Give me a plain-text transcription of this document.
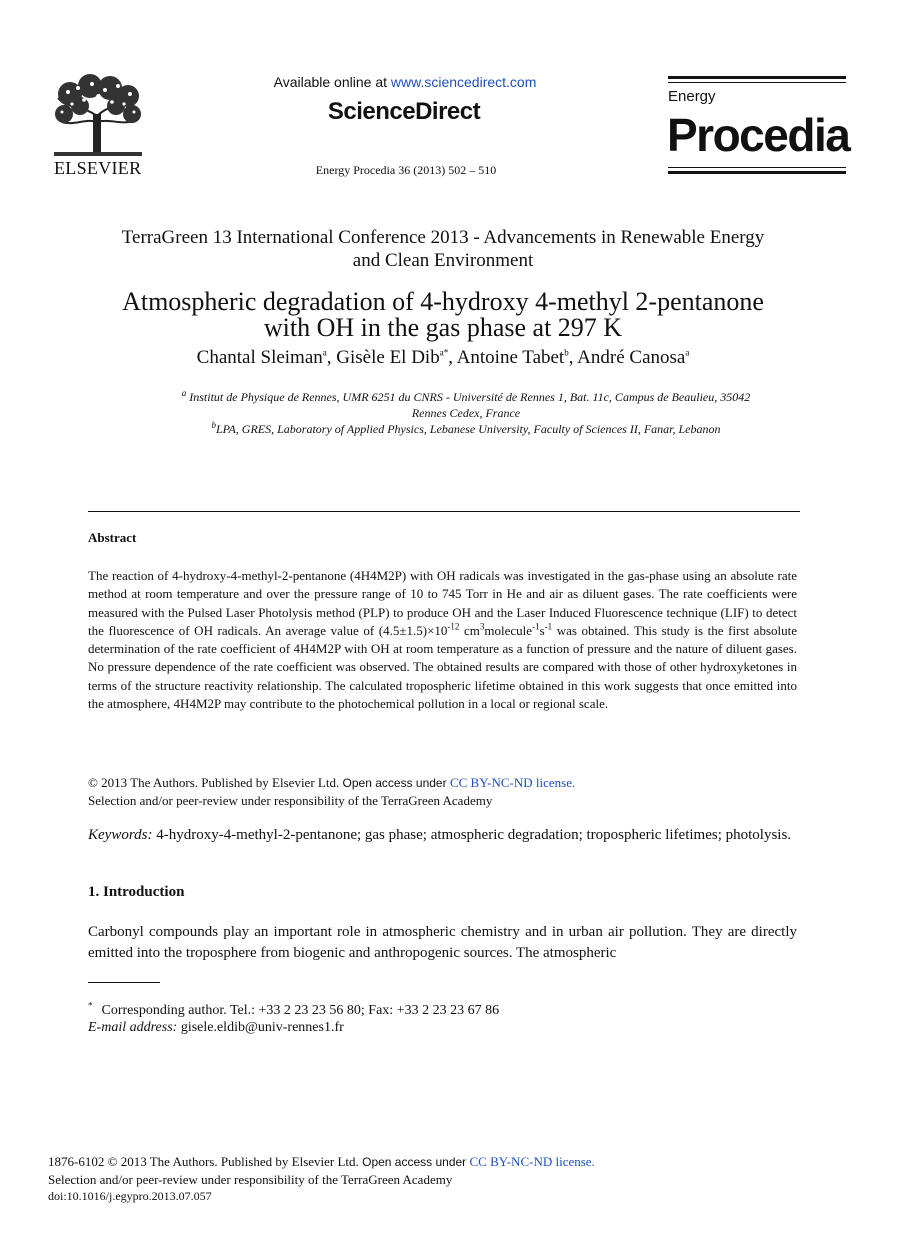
ELSEVIER
Available online at www.sciencedirect.com
ScienceDirect
Energy Procedia 36 (2013) 502 – 510
Energy
Procedia
TerraGreen 13 International Conference 2013 - Advancements in Renewable Energy
and Clean Environment
Atmospheric degradation of 4-hydroxy 4-methyl 2-pentanone
with OH in the gas phase at 297 K
Chantal Sleiman$^a$, Gisèle El Dib$^{a*}$, Antoine Tabet$^b$, André Canosa$^a$
$^a$ Institut de Physique de Rennes, UMR 6251 du CNRS - Université de Rennes 1, Bat. 11c, Campus de Beaulieu, 35042
Rennes Cedex, France
$^b$LPA, GRES, Laboratory of Applied Physics, Lebanese University, Faculty of Sciences II, Fanar, Lebanon
Abstract
The reaction of 4-hydroxy-4-methyl-2-pentanone (4H4M2P) with OH radicals was investigated in the gas-phase using an absolute rate method at room temperature and over the pressure range of 10 to 745 Torr in He and air as diluent gases. The rate coefficients were measured with the Pulsed Laser Photolysis method (PLP) to produce OH and the Laser Induced Fluorescence technique (LIF) to detect the fluorescence of OH radicals. An average value of $(4.5\pm 1.5)\times 10^{-12}$ $cm^3molecule^{-1}s^{-1}$ was obtained. This study is the first absolute determination of the rate coefficient of 4H4M2P with OH at room temperature as a function of pressure and the nature of diluent gases. No pressure dependence of the rate coefficient was observed. The obtained results are compared with those of other hydroxyketones in terms of the structure reactivity relationship. The calculated tropospheric lifetime obtained in this work suggests that once emitted into the atmosphere, 4H4M2P may contribute to the photochemical pollution in a local or regional scale.
© 2013 The Authors. Published by Elsevier Ltd. Open access under CC BY-NC-ND license.
Selection and/or peer-review under responsibility of the TerraGreen Academy
Keywords: 4-hydroxy-4-methyl-2-pentanone; gas phase; atmospheric degradation; tropospheric lifetimes; photolysis.
1. Introduction
Carbonyl compounds play an important role in atmospheric chemistry and in urban air pollution. They are directly emitted into the troposphere from biogenic and anthropogenic sources. The atmospheric
* Corresponding author. Tel.: +33 2 23 23 56 80; Fax: +33 2 23 23 67 86
E-mail address: gisele.eldib@univ-rennes1.fr
1876-6102 © 2013 The Authors. Published by Elsevier Ltd. Open access under CC BY-NC-ND license.
Selection and/or peer-review under responsibility of the TerraGreen Academy
doi:10.1016/j.egypro.2013.07.057
